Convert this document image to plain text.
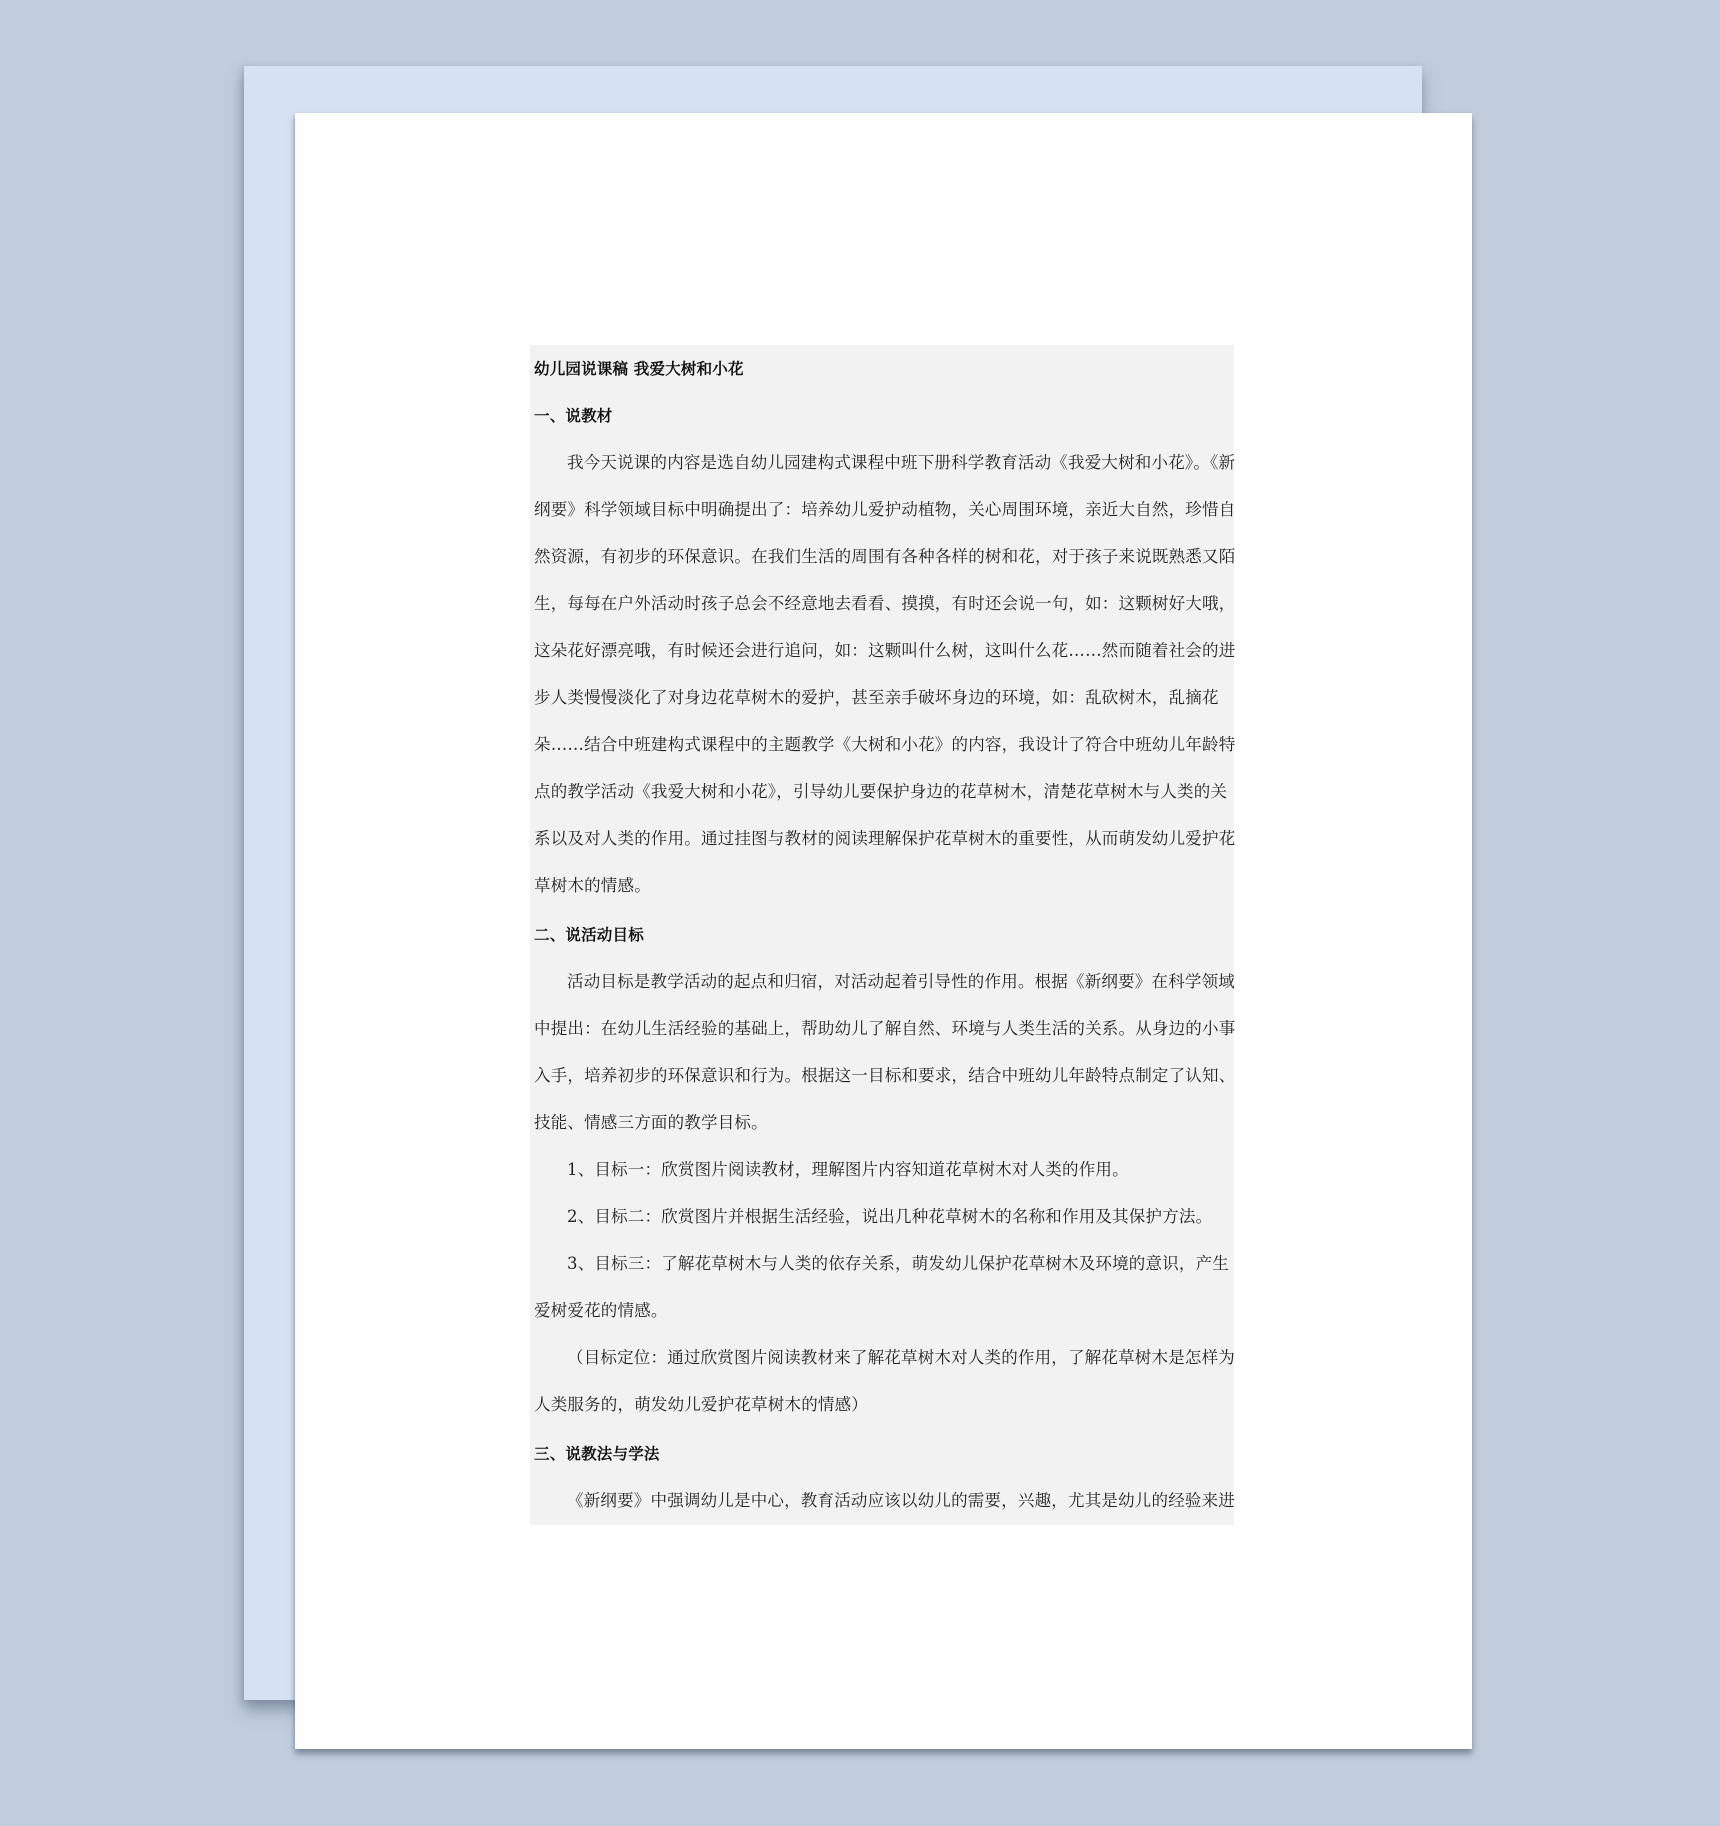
幼儿园说课稿 我爱大树和小花
一、说教材
我今天说课的内容是选自幼儿园建构式课程中班下册科学教育活动《我爱大树和小花》。《新
纲要》科学领域目标中明确提出了：培养幼儿爱护动植物，关心周围环境，亲近大自然，珍惜自
然资源，有初步的环保意识。在我们生活的周围有各种各样的树和花，对于孩子来说既熟悉又陌
生，每每在户外活动时孩子总会不经意地去看看、摸摸，有时还会说一句，如：这颗树好大哦，
这朵花好漂亮哦，有时候还会进行追问，如：这颗叫什么树，这叫什么花……然而随着社会的进
步人类慢慢淡化了对身边花草树木的爱护，甚至亲手破坏身边的环境，如：乱砍树木，乱摘花
朵……结合中班建构式课程中的主题教学《大树和小花》的内容，我设计了符合中班幼儿年龄特
点的教学活动《我爱大树和小花》，引导幼儿要保护身边的花草树木，清楚花草树木与人类的关
系以及对人类的作用。通过挂图与教材的阅读理解保护花草树木的重要性，从而萌发幼儿爱护花
草树木的情感。
二、说活动目标
活动目标是教学活动的起点和归宿，对活动起着引导性的作用。根据《新纲要》在科学领域
中提出：在幼儿生活经验的基础上，帮助幼儿了解自然、环境与人类生活的关系。从身边的小事
入手，培养初步的环保意识和行为。根据这一目标和要求，结合中班幼儿年龄特点制定了认知、
技能、情感三方面的教学目标。
1、目标一：欣赏图片阅读教材，理解图片内容知道花草树木对人类的作用。
2、目标二：欣赏图片并根据生活经验，说出几种花草树木的名称和作用及其保护方法。
3、目标三：了解花草树木与人类的依存关系，萌发幼儿保护花草树木及环境的意识，产生
爱树爱花的情感。
（目标定位：通过欣赏图片阅读教材来了解花草树木对人类的作用，了解花草树木是怎样为
人类服务的，萌发幼儿爱护花草树木的情感）
三、说教法与学法
《新纲要》中强调幼儿是中心，教育活动应该以幼儿的需要，兴趣，尤其是幼儿的经验来进
